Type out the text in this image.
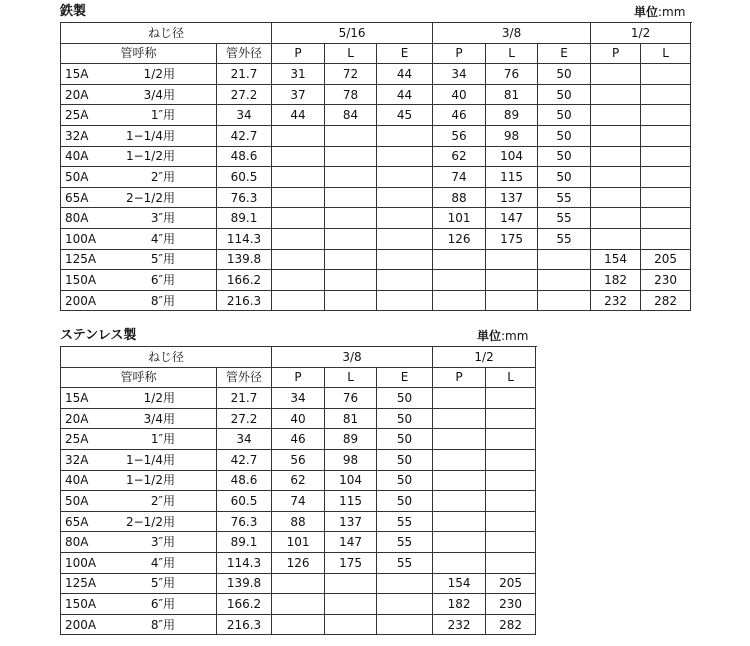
鉄製	単位:mm
ねじ径		5/16			3/8			1/2		
管呼称	管外径	P	L	E	P	L	E	P	L	
15A 1/2用	21.7	31	72	44	34	76	50			
20A 3/4用	27.2	37	78	44	40	81	50			
25A 1″用	34	44	84	45	46	89	50			
32A 1−1/4用	42.7				56	98	50			
40A 1−1/2用	48.6				62	104	50			
50A 2″用	60.5				74	115	50			
65A 2−1/2用	76.3				88	137	55			
80A 3″用	89.1				101	147	55			
100A 4″用	114.3				126	175	55			
125A 5″用	139.8							154	205	
150A 6″用	166.2							182	230	
200A 8″用	216.3							232	282	
ステンレス製	単位:mm
ねじ径		3/8			1/2		
管呼称	管外径	P	L	E	P	L	
15A 1/2用	21.7	34	76	50			
20A 3/4用	27.2	40	81	50			
25A 1″用	34	46	89	50			
32A 1−1/4用	42.7	56	98	50			
40A 1−1/2用	48.6	62	104	50			
50A 2″用	60.5	74	115	50			
65A 2−1/2用	76.3	88	137	55			
80A 3″用	89.1	101	147	55			
100A 4″用	114.3	126	175	55			
125A 5″用	139.8				154	205	
150A 6″用	166.2				182	230	
200A 8″用	216.3				232	282	
